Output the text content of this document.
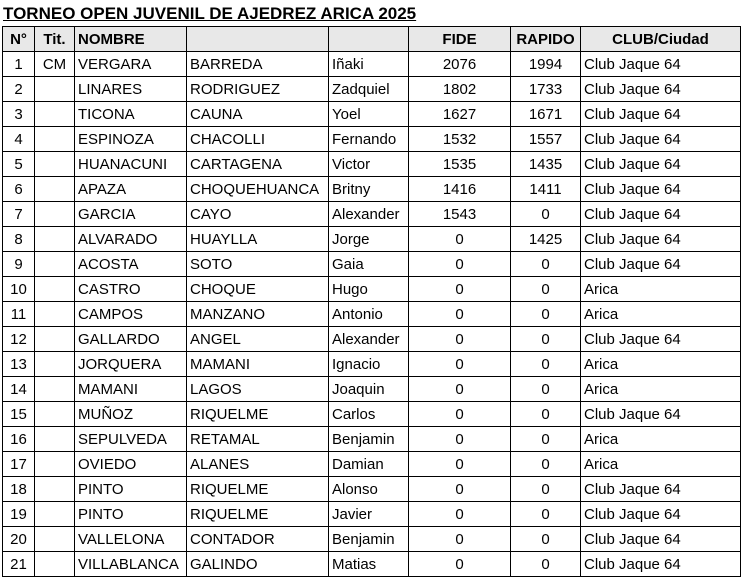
TORNEO OPEN JUVENIL DE AJEDREZ ARICA 2025
N°	Tit.	NOMBRE			FIDE	RAPIDO	CLUB/Ciudad
1	CM	VERGARA	BARREDA	Iñaki	2076	1994	Club Jaque 64
2		LINARES	RODRIGUEZ	Zadquiel	1802	1733	Club Jaque 64
3		TICONA	CAUNA	Yoel	1627	1671	Club Jaque 64
4		ESPINOZA	CHACOLLI	Fernando	1532	1557	Club Jaque 64
5		HUANACUNI	CARTAGENA	Victor	1535	1435	Club Jaque 64
6		APAZA	CHOQUEHUANCA	Britny	1416	1411	Club Jaque 64
7		GARCIA	CAYO	Alexander	1543	0	Club Jaque 64
8		ALVARADO	HUAYLLA	Jorge	0	1425	Club Jaque 64
9		ACOSTA	SOTO	Gaia	0	0	Club Jaque 64
10		CASTRO	CHOQUE	Hugo	0	0	Arica
11		CAMPOS	MANZANO	Antonio	0	0	Arica
12		GALLARDO	ANGEL	Alexander	0	0	Club Jaque 64
13		JORQUERA	MAMANI	Ignacio	0	0	Arica
14		MAMANI	LAGOS	Joaquin	0	0	Arica
15		MUÑOZ	RIQUELME	Carlos	0	0	Club Jaque 64
16		SEPULVEDA	RETAMAL	Benjamin	0	0	Arica
17		OVIEDO	ALANES	Damian	0	0	Arica
18		PINTO	RIQUELME	Alonso	0	0	Club Jaque 64
19		PINTO	RIQUELME	Javier	0	0	Club Jaque 64
20		VALLELONA	CONTADOR	Benjamin	0	0	Club Jaque 64
21		VILLABLANCA	GALINDO	Matias	0	0	Club Jaque 64
